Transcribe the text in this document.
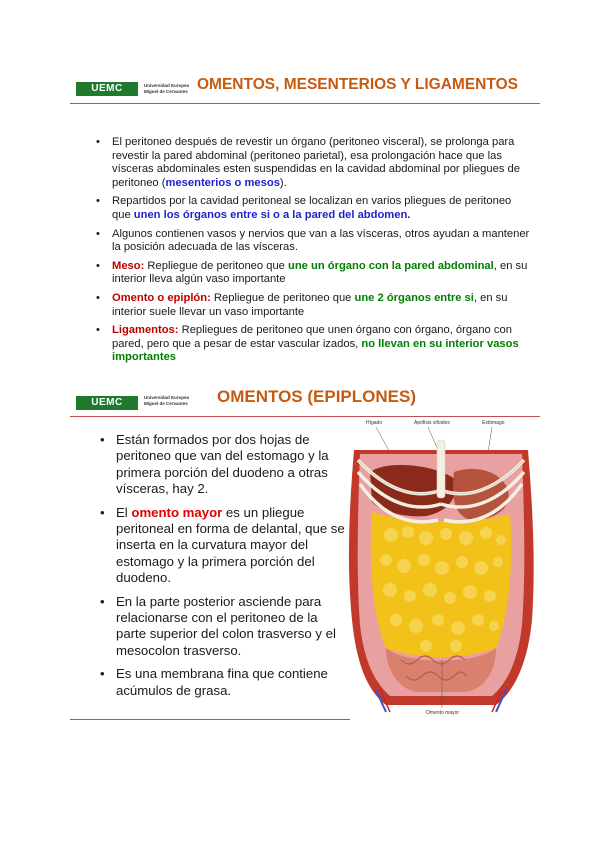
UEMC	Universidad Europea
Miguel de Cervantes OMENTOS, MESENTERIOS Y LIGAMENTOS
• El peritoneo después de revestir un órgano (peritoneo visceral), se prolonga para revestir la pared abdominal (peritoneo parietal), esa prolongación hace que las vísceras abdominales esten suspendidas en la cavidad abdominal por pliegues de peritoneo (mesenterios o mesos).
• Repartidos por la cavidad peritoneal se localizan en varios pliegues de peritoneo que unen los órganos entre si o a la pared del abdomen.
• Algunos contienen vasos y nervios que van a las vísceras, otros ayudan a mantener la posición adecuada de las vísceras.
• Meso: Repliegue de peritoneo que une un órgano con la pared abdominal, en su interior lleva algún vaso importante
• Omento o epiplón: Repliegue de peritoneo que une 2 órganos entre si, en su interior suele llevar un vaso importante
• Ligamentos: Repliegues de peritoneo que unen órgano con órgano, órgano con pared, pero que a pesar de estar vascular izados, no llevan en su interior vasos importantes
UEMC	Universidad Europea
Miguel de Cervantes OMENTOS (EPIPLONES)
• Están formados por dos hojas de peritoneo que van del estomago y la primera porción del duodeno a otras vísceras, hay 2.
• El omento mayor es un pliegue peritoneal en forma de delantal, que se inserta en la curvatura mayor del estomago y la primera porción del duodeno.
• En la parte posterior asciende para relacionarse con el peritoneo de la parte superior del colon trasverso y el mesocolon trasverso.
• Es una membrana fina que contiene acúmulos de grasa.
Hígado	Apófisis xifoides	Estómago
Omento mayor
